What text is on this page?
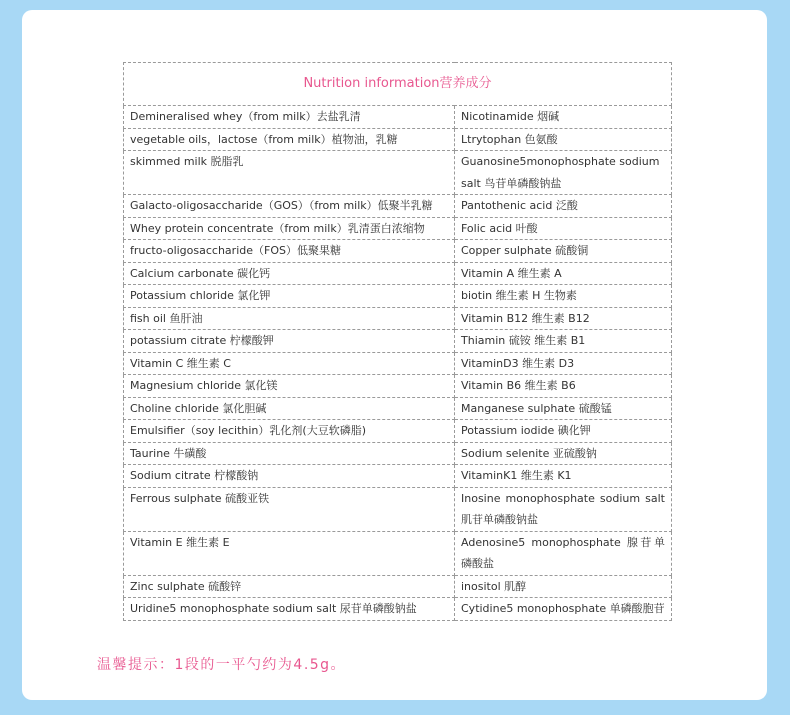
Nutrition information营养成分	
Demineralised whey（from milk）去盐乳清	Nicotinamide 烟碱
vegetable oils，lactose（from milk）植物油，乳糖	Ltrytophan 色氨酸
skimmed milk 脱脂乳	Guanosine5monophosphate sodium salt 鸟苷单磷酸钠盐
Galacto-oligosaccharide（GOS）（from milk）低聚半乳糖	Pantothenic acid 泛酸
Whey protein concentrate（from milk）乳清蛋白浓缩物	Folic acid 叶酸
fructo-oligosaccharide（FOS）低聚果糖	Copper sulphate 硫酸铜
Calcium carbonate 碳化钙	Vitamin A 维生素 A
Potassium chloride 氯化钾	biotin 维生素 H 生物素
fish oil 鱼肝油	Vitamin B12 维生素 B12
potassium citrate 柠檬酸钾	Thiamin 硫铵 维生素 B1
Vitamin C 维生素 C	VitaminD3 维生素 D3
Magnesium chloride 氯化镁	Vitamin B6 维生素 B6
Choline chloride 氯化胆碱	Manganese sulphate 硫酸锰
Emulsifier（soy lecithin）乳化剂(大豆软磷脂)	Potassium iodide 碘化钾
Taurine 牛磺酸	Sodium selenite 亚硫酸钠
Sodium citrate 柠檬酸钠	VitaminK1 维生素 K1
Ferrous sulphate 硫酸亚铁	Inosine monophosphate sodium salt 肌苷单磷酸钠盐
Vitamin E 维生素 E	Adenosine5 monophosphate 腺苷单磷酸盐
Zinc sulphate 硫酸锌	inositol 肌醇
Uridine5 monophosphate sodium salt 尿苷单磷酸钠盐	Cytidine5 monophosphate 单磷酸胞苷
温馨提示：1段的一平勺约为4.5g。
